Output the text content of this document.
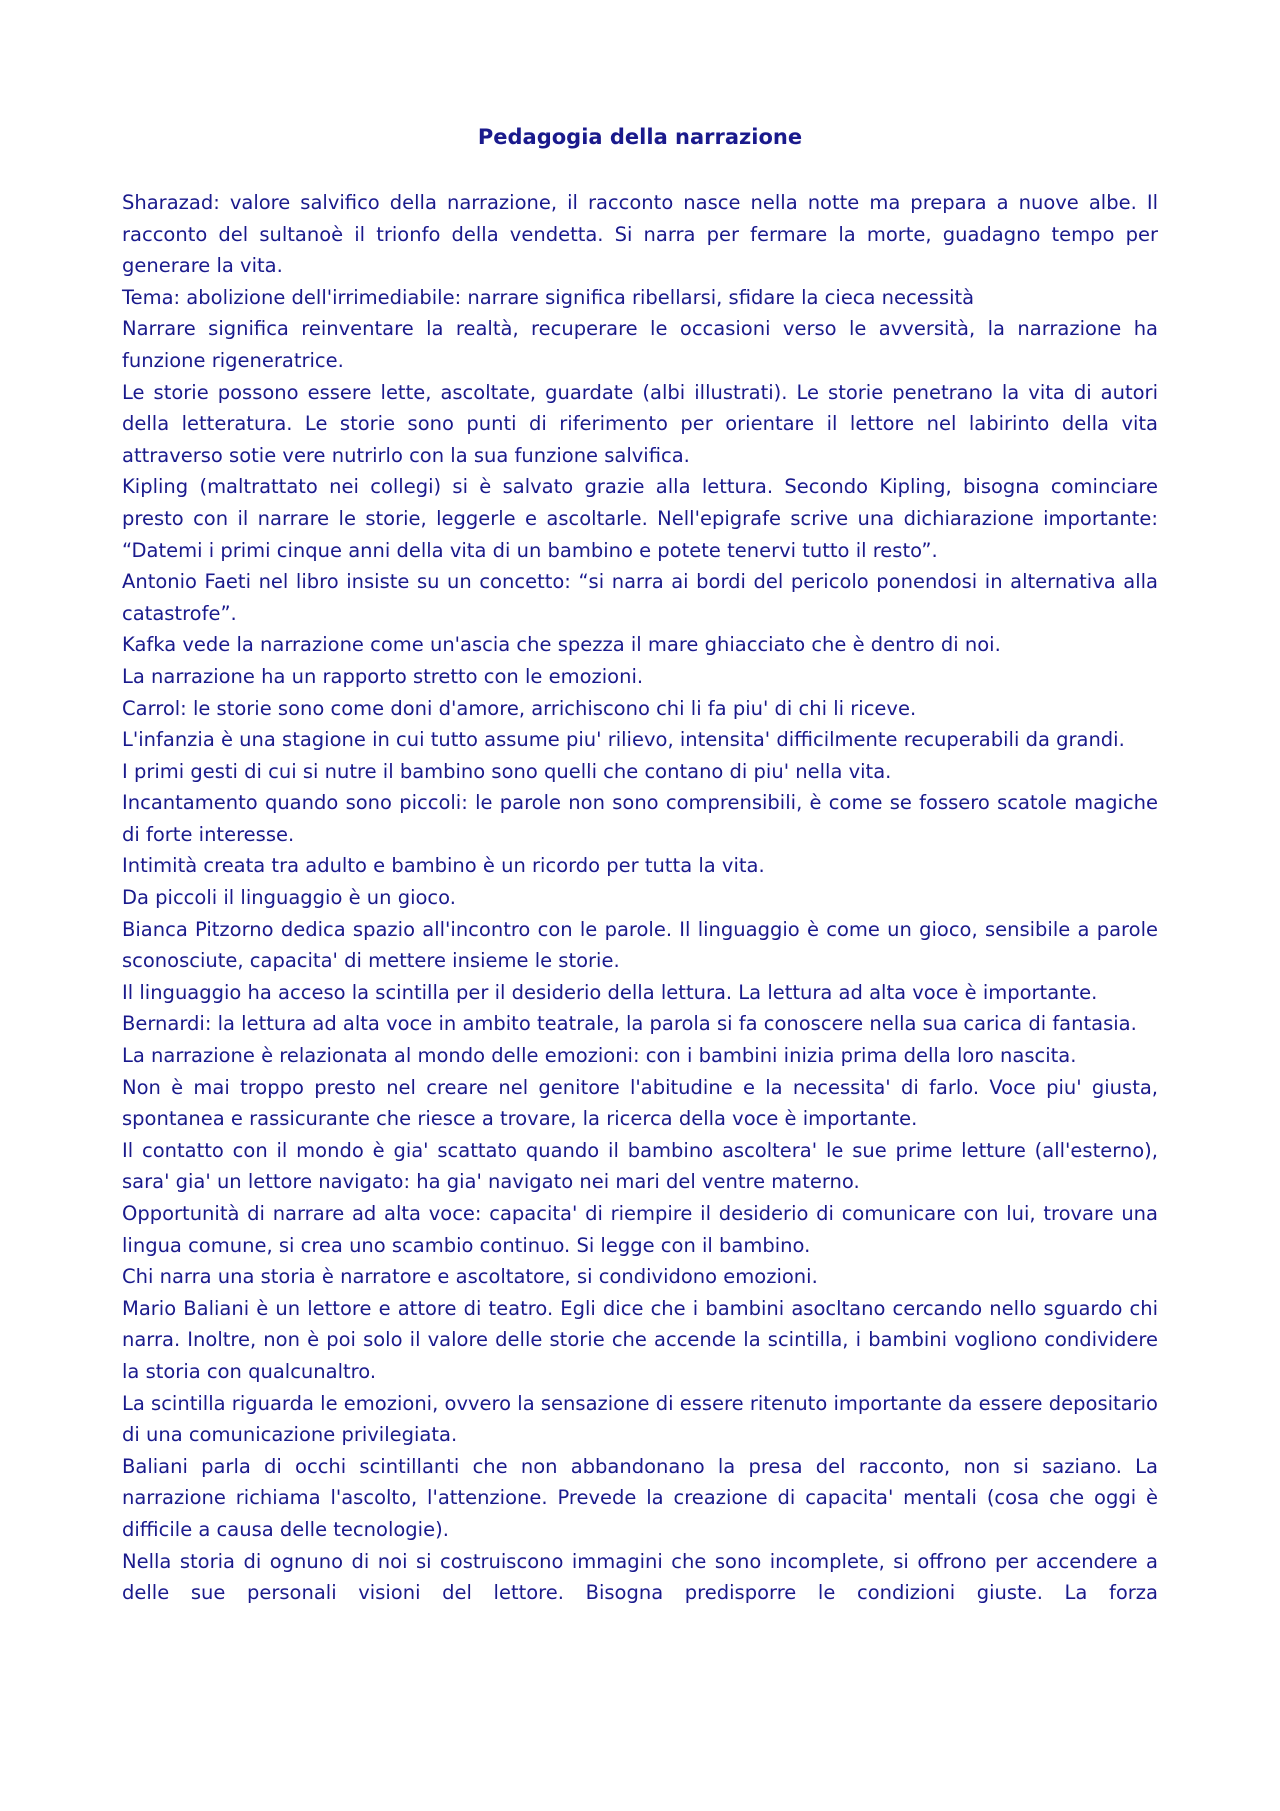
Pedagogia della narrazione

Sharazad: valore salvifico della narrazione, il racconto nasce nella notte ma prepara a nuove albe. Il racconto del sultanoè il trionfo della vendetta. Si narra per fermare la morte, guadagno tempo per generare la vita.

Tema: abolizione dell'irrimediabile: narrare significa ribellarsi, sfidare la cieca necessità

Narrare significa reinventare la realtà, recuperare le occasioni verso le avversità, la narrazione ha funzione rigeneratrice.

Le storie possono essere lette, ascoltate, guardate (albi illustrati). Le storie penetrano la vita di autori della letteratura. Le storie sono punti di riferimento per orientare il lettore nel labirinto della vita attraverso sotie vere nutrirlo con la sua funzione salvifica.

Kipling (maltrattato nei collegi) si è salvato grazie alla lettura. Secondo Kipling, bisogna cominciare presto con il narrare le storie, leggerle e ascoltarle. Nell'epigrafe scrive una dichiarazione importante: “Datemi i primi cinque anni della vita di un bambino e potete tenervi tutto il resto”.

Antonio Faeti nel libro insiste su un concetto: “si narra ai bordi del pericolo ponendosi in alternativa alla catastrofe”.

Kafka vede la narrazione come un'ascia che spezza il mare ghiacciato che è dentro di noi.

La narrazione ha un rapporto stretto con le emozioni.

Carrol: le storie sono come doni d'amore, arrichiscono chi li fa piu' di chi li riceve.

L'infanzia è una stagione in cui tutto assume piu' rilievo, intensita' difficilmente recuperabili da grandi.

I primi gesti di cui si nutre il bambino sono quelli che contano di piu' nella vita.

Incantamento quando sono piccoli: le parole non sono comprensibili, è come se fossero scatole magiche di forte interesse.

Intimità creata tra adulto e bambino è un ricordo per tutta la vita.

Da piccoli il linguaggio è un gioco.

Bianca Pitzorno dedica spazio all'incontro con le parole. Il linguaggio è come un gioco, sensibile a parole sconosciute, capacita' di mettere insieme le storie.

Il linguaggio ha acceso la scintilla per il desiderio della lettura. La lettura ad alta voce è importante.

Bernardi: la lettura ad alta voce in ambito teatrale, la parola si fa conoscere nella sua carica di fantasia.

La narrazione è relazionata al mondo delle emozioni: con i bambini inizia prima della loro nascita.

Non è mai troppo presto nel creare nel genitore l'abitudine e la necessita' di farlo. Voce piu' giusta, spontanea e rassicurante che riesce a trovare, la ricerca della voce è importante.

Il contatto con il mondo è gia' scattato quando il bambino ascoltera' le sue prime letture (all'esterno), sara' gia' un lettore navigato: ha gia' navigato nei mari del ventre materno.

Opportunità di narrare ad alta voce: capacita' di riempire il desiderio di comunicare con lui, trovare una lingua comune, si crea uno scambio continuo. Si legge con il bambino.

Chi narra una storia è narratore e ascoltatore, si condividono emozioni.

Mario Baliani è un lettore e attore di teatro. Egli dice che i bambini asocltano cercando nello sguardo chi narra. Inoltre, non è poi solo il valore delle storie che accende la scintilla, i bambini vogliono condividere la storia con qualcunaltro.

La scintilla riguarda le emozioni, ovvero la sensazione di essere ritenuto importante da essere depositario di una comunicazione privilegiata.

Baliani parla di occhi scintillanti che non abbandonano la presa del racconto, non si saziano. La narrazione richiama l'ascolto, l'attenzione. Prevede la creazione di capacita' mentali (cosa che oggi è difficile a causa delle tecnologie).

Nella storia di ognuno di noi si costruiscono immagini che sono incomplete, si offrono per accendere a delle sue personali visioni del lettore. Bisogna predisporre le condizioni giuste. La forza
